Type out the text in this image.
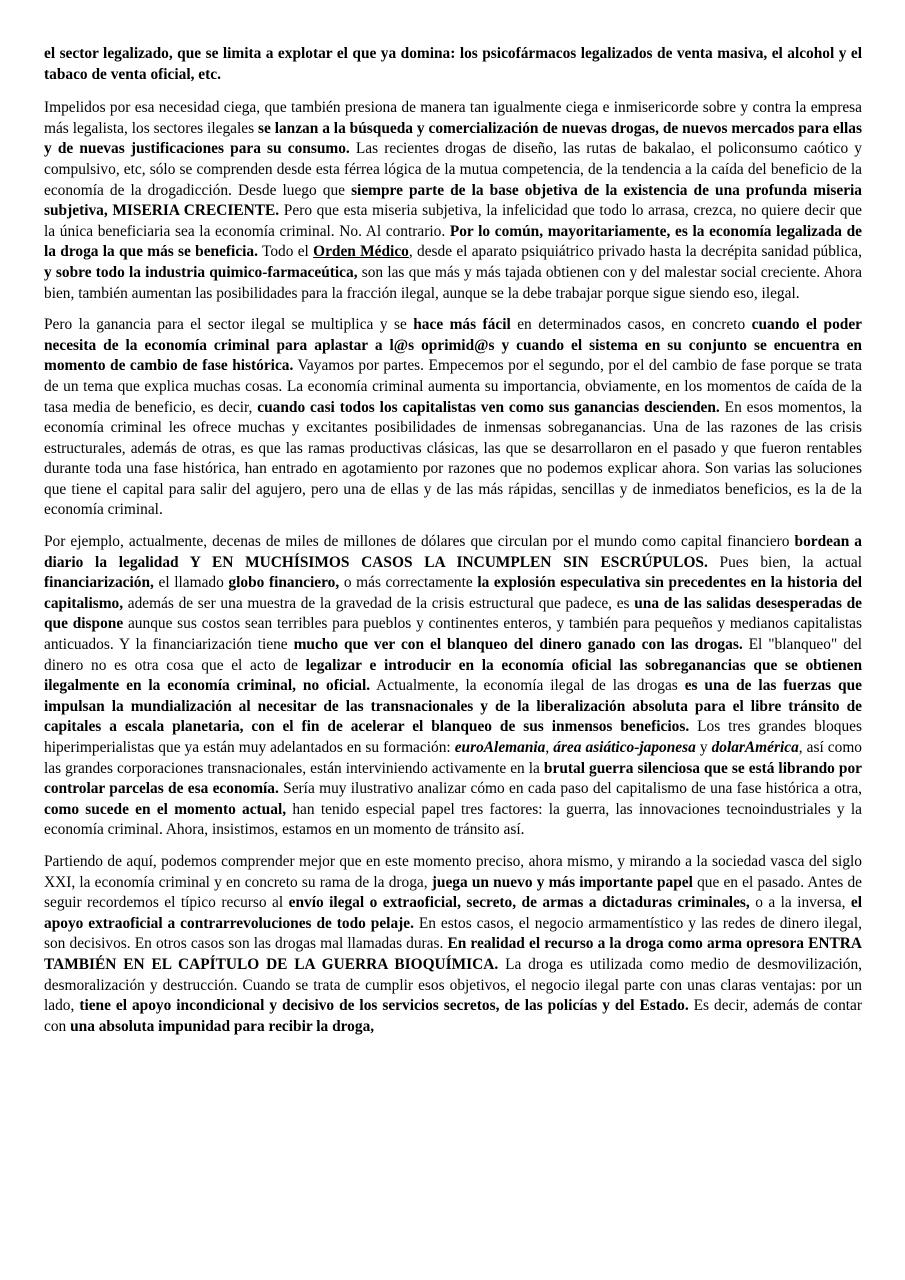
el sector legalizado, que se limita a explotar el que ya domina: los psicofármacos legalizados de venta masiva, el alcohol y el tabaco de venta oficial, etc.

Impelidos por esa necesidad ciega, que también presiona de manera tan igualmente ciega e inmisericorde sobre y contra la empresa más legalista, los sectores ilegales se lanzan a la búsqueda y comercialización de nuevas drogas, de nuevos mercados para ellas y de nuevas justificaciones para su consumo. Las recientes drogas de diseño, las rutas de bakalao, el policonsumo caótico y compulsivo, etc, sólo se comprenden desde esta férrea lógica de la mutua competencia, de la tendencia a la caída del beneficio de la economía de la drogadicción. Desde luego que siempre parte de la base objetiva de la existencia de una profunda miseria subjetiva, MISERIA CRECIENTE. Pero que esta miseria subjetiva, la infelicidad que todo lo arrasa, crezca, no quiere decir que la única beneficiaria sea la economía criminal. No. Al contrario. Por lo común, mayoritariamente, es la economía legalizada de la droga la que más se beneficia. Todo el Orden Médico, desde el aparato psiquiátrico privado hasta la decrépita sanidad pública, y sobre todo la industria quimico-farmaceútica, son las que más y más tajada obtienen con y del malestar social creciente. Ahora bien, también aumentan las posibilidades para la fracción ilegal, aunque se la debe trabajar porque sigue siendo eso, ilegal.

Pero la ganancia para el sector ilegal se multiplica y se hace más fácil en determinados casos, en concreto cuando el poder necesita de la economía criminal para aplastar a l@s oprimid@s y cuando el sistema en su conjunto se encuentra en momento de cambio de fase histórica. Vayamos por partes. Empecemos por el segundo, por el del cambio de fase porque se trata de un tema que explica muchas cosas. La economía criminal aumenta su importancia, obviamente, en los momentos de caída de la tasa media de beneficio, es decir, cuando casi todos los capitalistas ven como sus ganancias descienden. En esos momentos, la economía criminal les ofrece muchas y excitantes posibilidades de inmensas sobreganancias. Una de las razones de las crisis estructurales, además de otras, es que las ramas productivas clásicas, las que se desarrollaron en el pasado y que fueron rentables durante toda una fase histórica, han entrado en agotamiento por razones que no podemos explicar ahora. Son varias las soluciones que tiene el capital para salir del agujero, pero una de ellas y de las más rápidas, sencillas y de inmediatos beneficios, es la de la economía criminal.

Por ejemplo, actualmente, decenas de miles de millones de dólares que circulan por el mundo como capital financiero bordean a diario la legalidad Y EN MUCHÍSIMOS CASOS LA INCUMPLEN SIN ESCRÚPULOS. Pues bien, la actual financiarización, el llamado globo financiero, o más correctamente la explosión especulativa sin precedentes en la historia del capitalismo, además de ser una muestra de la gravedad de la crisis estructural que padece, es una de las salidas desesperadas de que dispone aunque sus costos sean terribles para pueblos y continentes enteros, y también para pequeños y medianos capitalistas anticuados. Y la financiarización tiene mucho que ver con el blanqueo del dinero ganado con las drogas. El "blanqueo" del dinero no es otra cosa que el acto de legalizar e introducir en la economía oficial las sobreganancias que se obtienen ilegalmente en la economía criminal, no oficial. Actualmente, la economía ilegal de las drogas es una de las fuerzas que impulsan la mundialización al necesitar de las transnacionales y de la liberalización absoluta para el libre tránsito de capitales a escala planetaria, con el fin de acelerar el blanqueo de sus inmensos beneficios. Los tres grandes bloques hiperimperialistas que ya están muy adelantados en su formación: euroAlemania, área asiático-japonesa y dolarAmérica, así como las grandes corporaciones transnacionales, están interviniendo activamente en la brutal guerra silenciosa que se está librando por controlar parcelas de esa economía. Sería muy ilustrativo analizar cómo en cada paso del capitalismo de una fase histórica a otra, como sucede en el momento actual, han tenido especial papel tres factores: la guerra, las innovaciones tecnoindustriales y la economía criminal. Ahora, insistimos, estamos en un momento de tránsito así.

Partiendo de aquí, podemos comprender mejor que en este momento preciso, ahora mismo, y mirando a la sociedad vasca del siglo XXI, la economía criminal y en concreto su rama de la droga, juega un nuevo y más importante papel que en el pasado. Antes de seguir recordemos el típico recurso al envío ilegal o extraoficial, secreto, de armas a dictaduras criminales, o a la inversa, el apoyo extraoficial a contrarrevoluciones de todo pelaje. En estos casos, el negocio armamentístico y las redes de dinero ilegal, son decisivos. En otros casos son las drogas mal llamadas duras. En realidad el recurso a la droga como arma opresora ENTRA TAMBIÉN EN EL CAPÍTULO DE LA GUERRA BIOQUÍMICA. La droga es utilizada como medio de desmovilización, desmoralización y destrucción. Cuando se trata de cumplir esos objetivos, el negocio ilegal parte con unas claras ventajas: por un lado, tiene el apoyo incondicional y decisivo de los servicios secretos, de las policías y del Estado. Es decir, además de contar con una absoluta impunidad para recibir la droga,
